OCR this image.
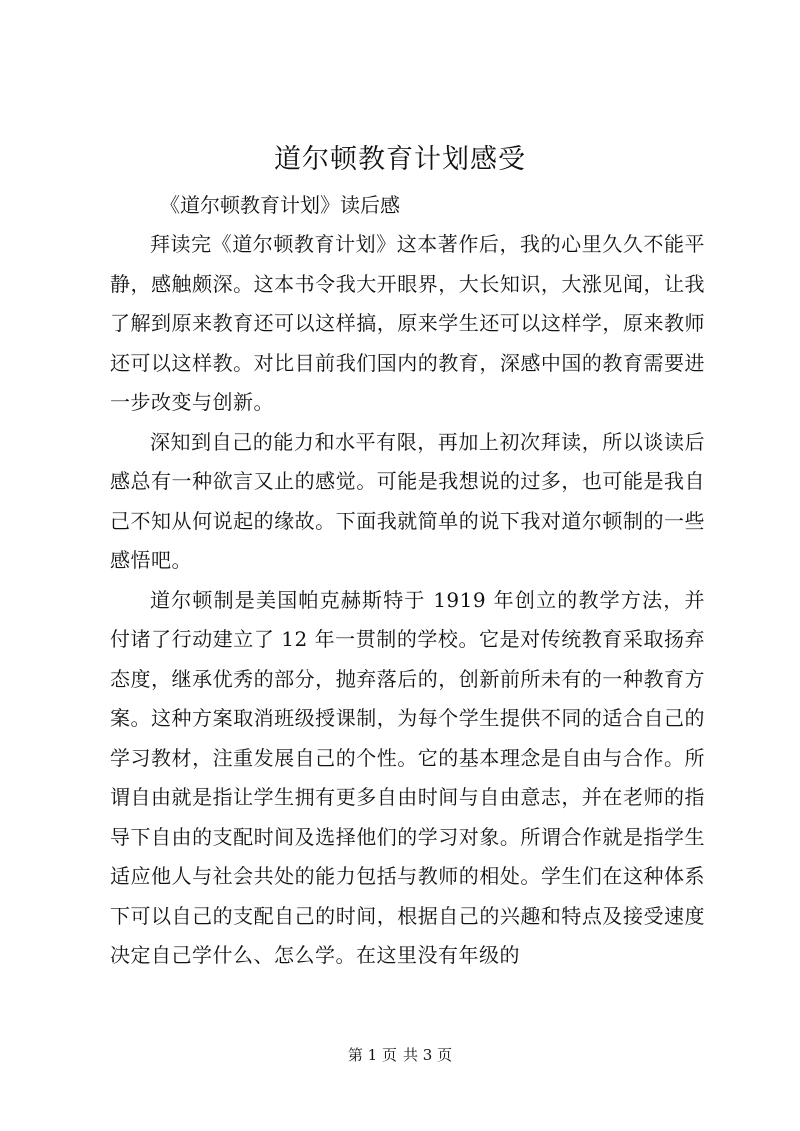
道尔顿教育计划感受

《道尔顿教育计划》读后感

拜读完《道尔顿教育计划》这本著作后，我的心里久久不能平静，感触颇深。这本书令我大开眼界，大长知识，大涨见闻，让我了解到原来教育还可以这样搞，原来学生还可以这样学，原来教师还可以这样教。对比目前我们国内的教育，深感中国的教育需要进一步改变与创新。

深知到自己的能力和水平有限，再加上初次拜读，所以谈读后感总有一种欲言又止的感觉。可能是我想说的过多，也可能是我自己不知从何说起的缘故。下面我就简单的说下我对道尔顿制的一些感悟吧。

道尔顿制是美国帕克赫斯特于 1919 年创立的教学方法，并付诸了行动建立了 12 年一贯制的学校。它是对传统教育采取扬弃态度，继承优秀的部分，抛弃落后的，创新前所未有的一种教育方案。这种方案取消班级授课制，为每个学生提供不同的适合自己的学习教材，注重发展自己的个性。它的基本理念是自由与合作。所谓自由就是指让学生拥有更多自由时间与自由意志，并在老师的指导下自由的支配时间及选择他们的学习对象。所谓合作就是指学生适应他人与社会共处的能力包括与教师的相处。学生们在这种体系下可以自己的支配自己的时间，根据自己的兴趣和特点及接受速度决定自己学什么、怎么学。在这里没有年级的

第 1 页 共 3 页
